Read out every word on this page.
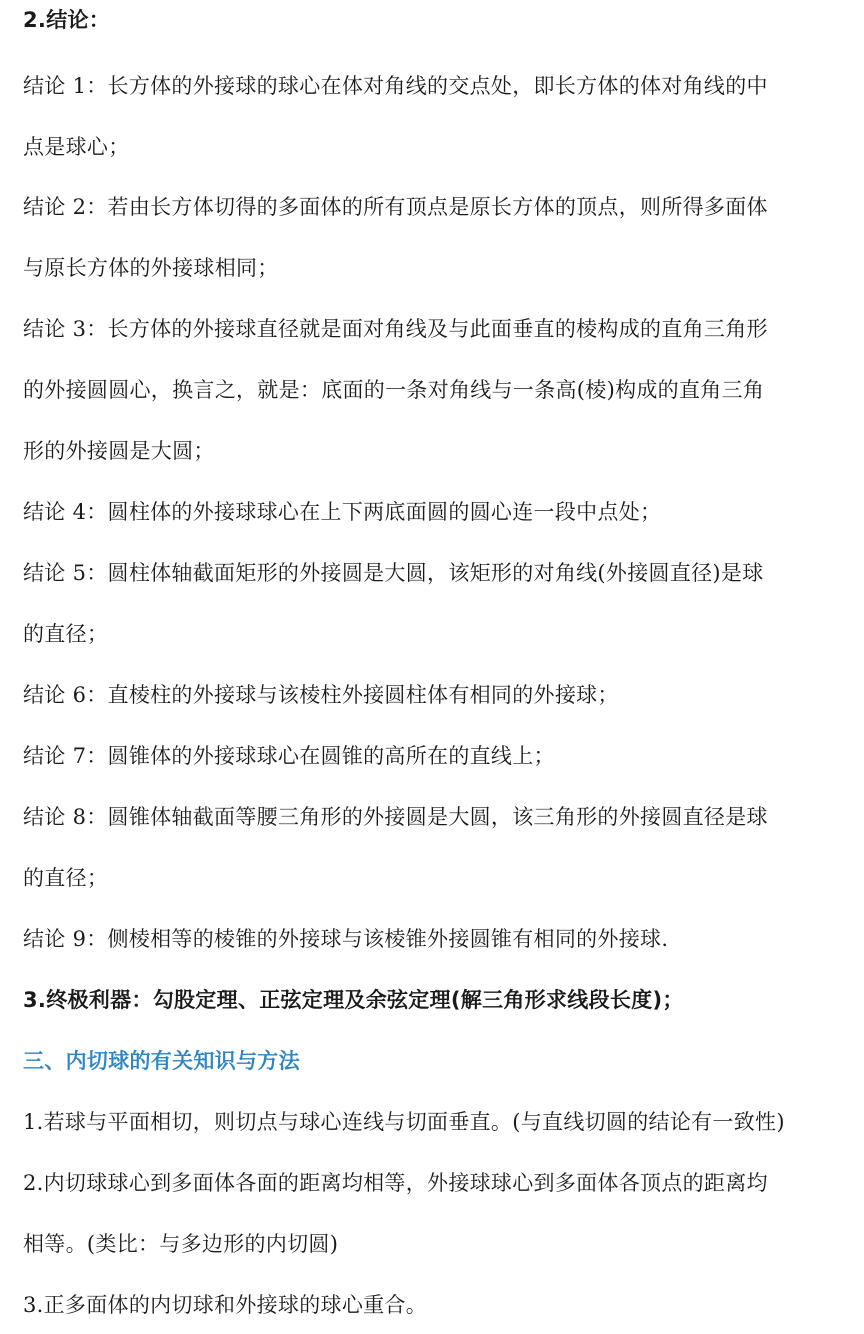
2.结论：
结论 1：长方体的外接球的球心在体对角线的交点处，即长方体的体对角线的中
点是球心；
结论 2：若由长方体切得的多面体的所有顶点是原长方体的顶点，则所得多面体
与原长方体的外接球相同；
结论 3：长方体的外接球直径就是面对角线及与此面垂直的棱构成的直角三角形
的外接圆圆心，换言之，就是：底面的一条对角线与一条高(棱)构成的直角三角
形的外接圆是大圆；
结论 4：圆柱体的外接球球心在上下两底面圆的圆心连一段中点处；
结论 5：圆柱体轴截面矩形的外接圆是大圆，该矩形的对角线(外接圆直径)是球
的直径；
结论 6：直棱柱的外接球与该棱柱外接圆柱体有相同的外接球；
结论 7：圆锥体的外接球球心在圆锥的高所在的直线上；
结论 8：圆锥体轴截面等腰三角形的外接圆是大圆，该三角形的外接圆直径是球
的直径；
结论 9：侧棱相等的棱锥的外接球与该棱锥外接圆锥有相同的外接球.
3.终极利器：勾股定理、正弦定理及余弦定理(解三角形求线段长度)；
三、内切球的有关知识与方法
1.若球与平面相切，则切点与球心连线与切面垂直。(与直线切圆的结论有一致性)
2.内切球球心到多面体各面的距离均相等，外接球球心到多面体各顶点的距离均
相等。(类比：与多边形的内切圆)
3.正多面体的内切球和外接球的球心重合。
